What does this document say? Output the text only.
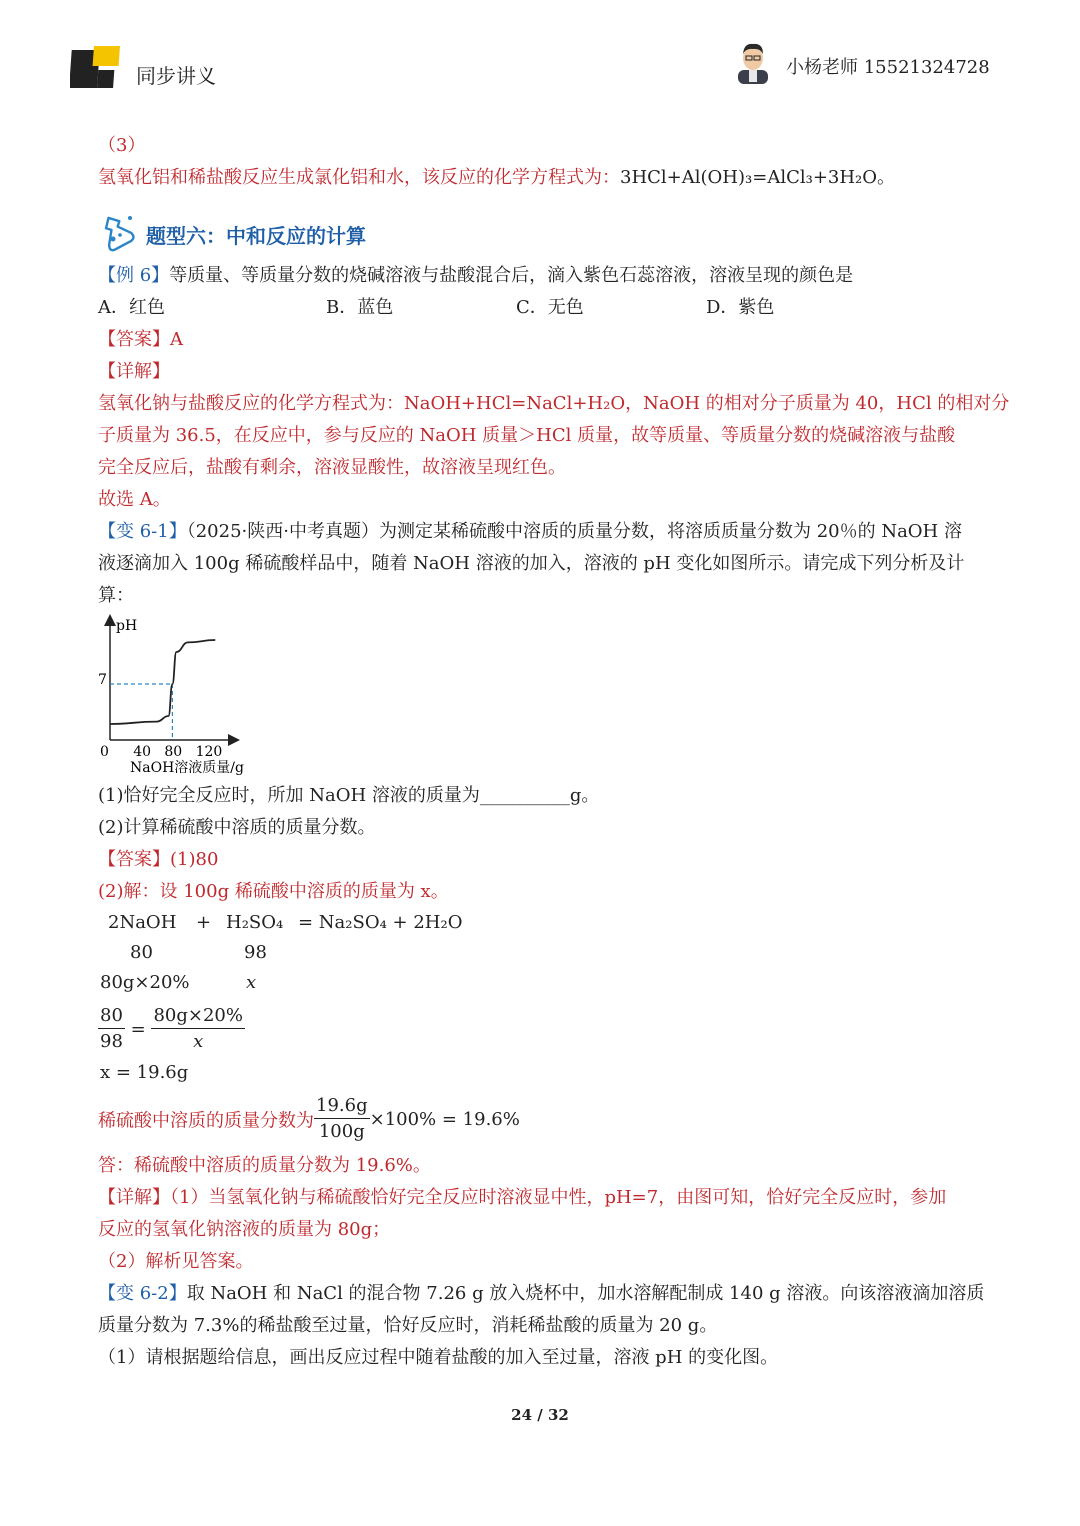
同步讲义	小杨老师 15521324728
（3）
氢氧化铝和稀盐酸反应生成氯化铝和水，该反应的化学方程式为：3HCl+Al(OH)₃=AlCl₃+3H₂O。
题型六：中和反应的计算
【例 6】等质量、等质量分数的烧碱溶液与盐酸混合后，滴入紫色石蕊溶液，溶液呈现的颜色是
A．红色	B．蓝色	C．无色	D．紫色
【答案】A
【详解】
氢氧化钠与盐酸反应的化学方程式为：NaOH+HCl=NaCl+H₂O，NaOH 的相对分子质量为 40，HCl 的相对分
子质量为 36.5，在反应中，参与反应的 NaOH 质量＞HCl 质量，故等质量、等质量分数的烧碱溶液与盐酸
完全反应后，盐酸有剩余，溶液显酸性，故溶液呈现红色。
故选 A。
【变 6-1】（2025·陕西·中考真题）为测定某稀硫酸中溶质的质量分数，将溶质质量分数为 20％的 NaOH 溶
液逐滴加入 100g 稀硫酸样品中，随着 NaOH 溶液的加入，溶液的 pH 变化如图所示。请完成下列分析及计
算：
pH
7
0 40 80 120
NaOH溶液质量/g
(1)恰好完全反应时，所加 NaOH 溶液的质量为__________g。
(2)计算稀硫酸中溶质的质量分数。
【答案】(1)80
(2)解：设 100g 稀硫酸中溶质的质量为 x。
2NaOH + H₂SO₄ = Na₂SO₄ + 2H₂O
80	98
80g×20%	x
$\frac{80}{98} = \frac{80g\times 20\%}{x}$
x = 19.6g
稀硫酸中溶质的质量分数为 $\frac{19.6g}{100g} \times 100\% = 19.6\%$
答：稀硫酸中溶质的质量分数为 19.6%。
【详解】（1）当氢氧化钠与稀硫酸恰好完全反应时溶液显中性，pH=7，由图可知，恰好完全反应时，参加
反应的氢氧化钠溶液的质量为 80g；
（2）解析见答案。
【变 6-2】取 NaOH 和 NaCl 的混合物 7.26 g 放入烧杯中，加水溶解配制成 140 g 溶液。向该溶液滴加溶质
质量分数为 7.3%的稀盐酸至过量，恰好反应时，消耗稀盐酸的质量为 20 g。
（1）请根据题给信息，画出反应过程中随着盐酸的加入至过量，溶液 pH 的变化图。
24 / 32
